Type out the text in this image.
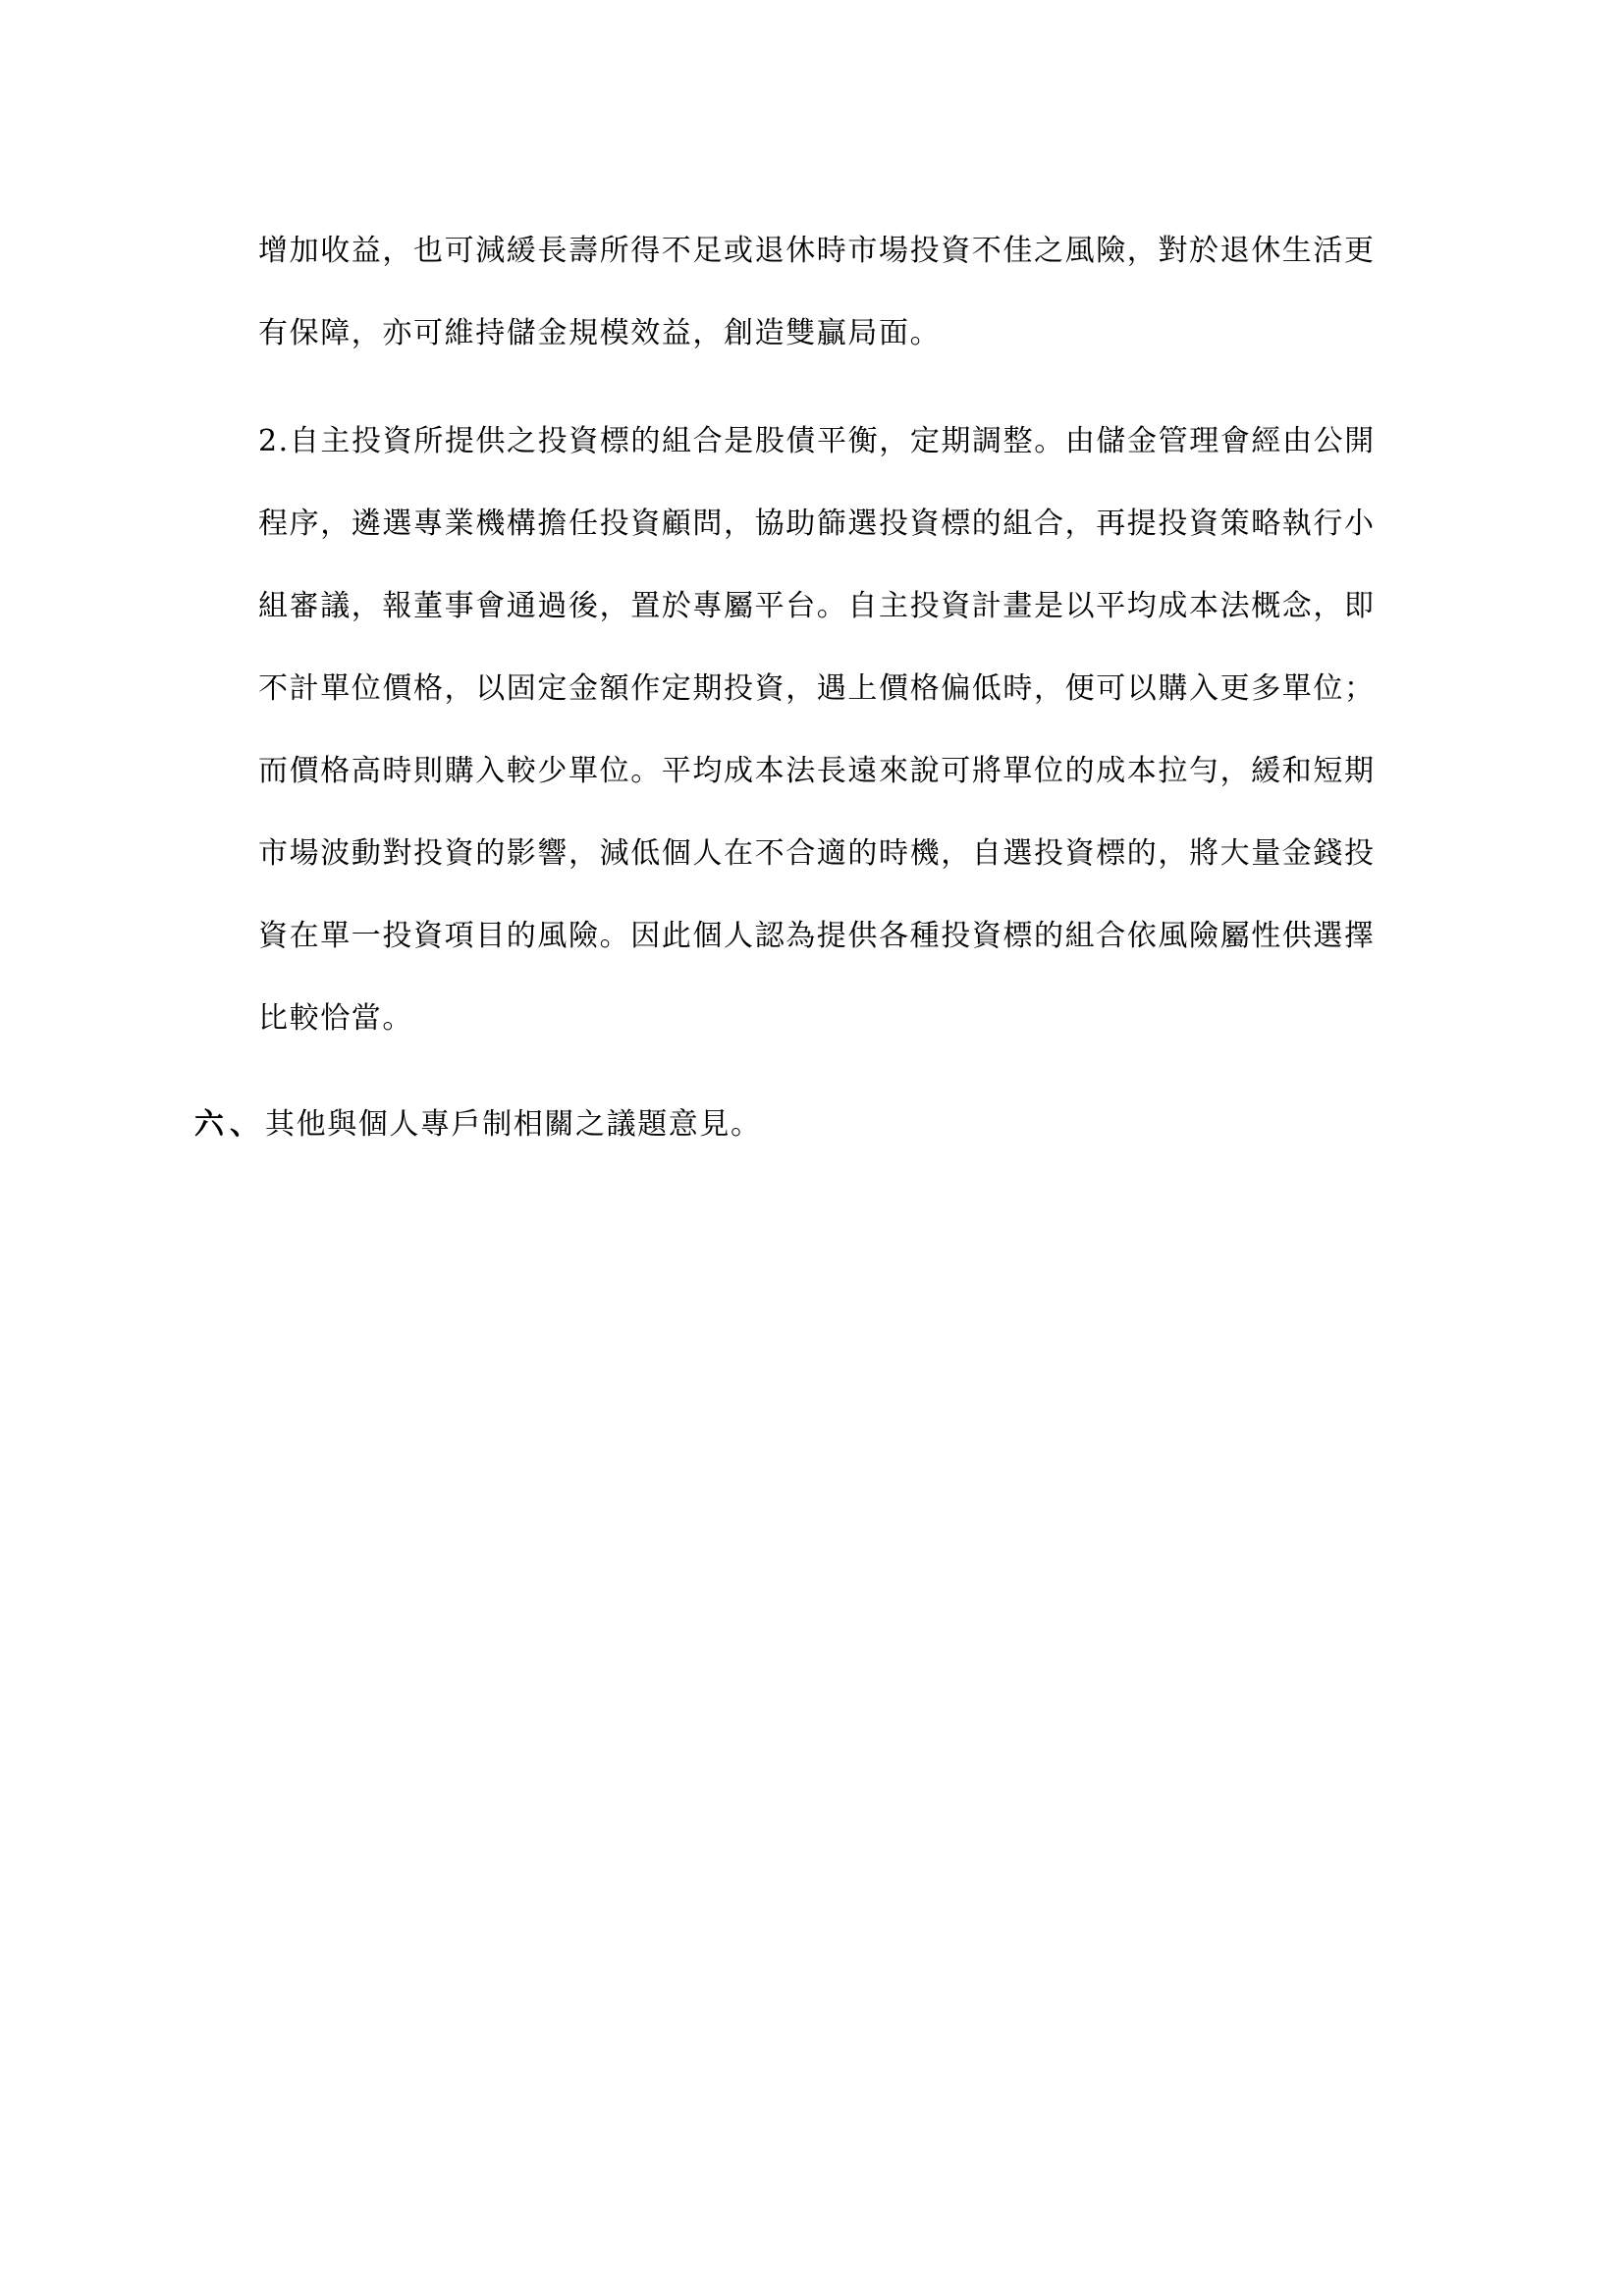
增加收益，也可減緩長壽所得不足或退休時市場投資不佳之風險，對於退休生活更
有保障，亦可維持儲金規模效益，創造雙贏局面。
2.自主投資所提供之投資標的組合是股債平衡，定期調整。由儲金管理會經由公開
程序，遴選專業機構擔任投資顧問，協助篩選投資標的組合，再提投資策略執行小
組審議，報董事會通過後，置於專屬平台。自主投資計畫是以平均成本法概念，即
不計單位價格，以固定金額作定期投資，遇上價格偏低時，便可以購入更多單位；
而價格高時則購入較少單位。平均成本法長遠來說可將單位的成本拉勻，緩和短期
市場波動對投資的影響，減低個人在不合適的時機，自選投資標的，將大量金錢投
資在單一投資項目的風險。因此個人認為提供各種投資標的組合依風險屬性供選擇
比較恰當。
六、其他與個人專戶制相關之議題意見。
